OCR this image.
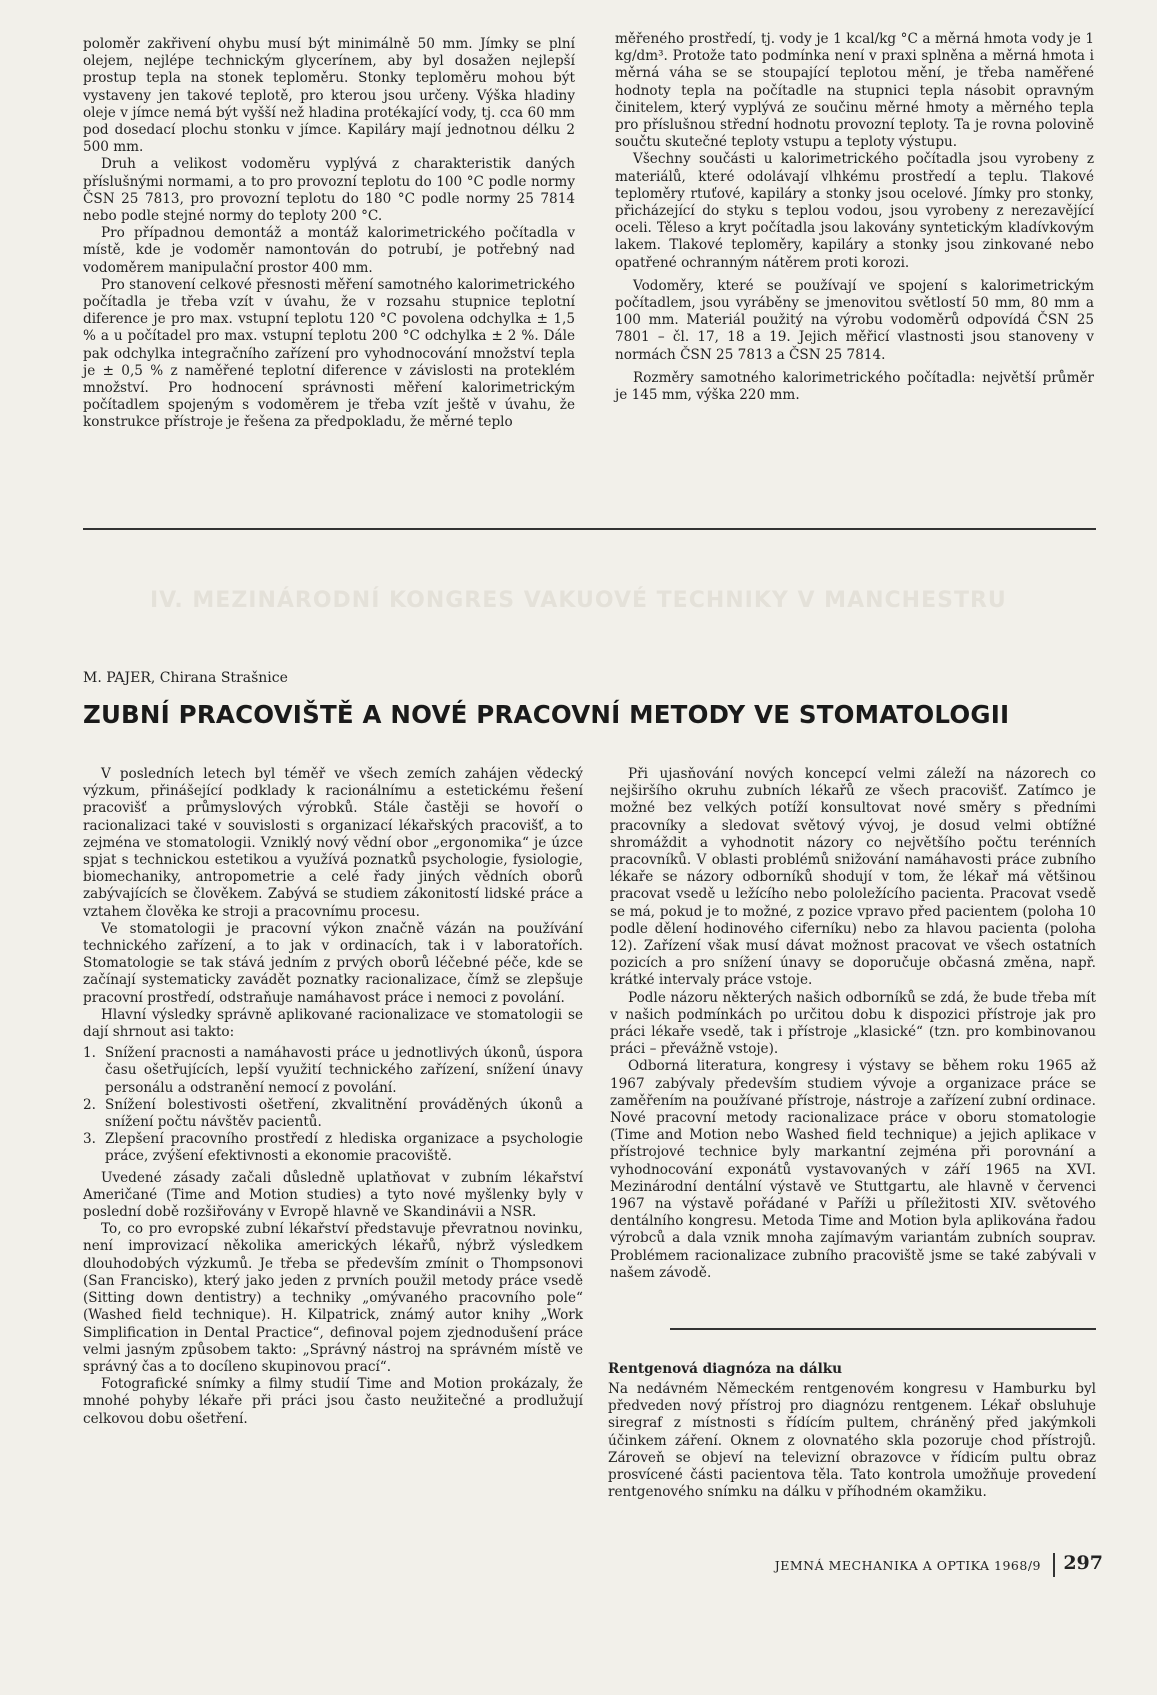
poloměr zakřivení ohybu musí být minimálně 50 mm. Jímky se plní olejem, nejlépe technickým glycerínem, aby byl dosažen nejlepší prostup tepla na stonek teploměru. Stonky teploměru mohou být vystaveny jen takové teplotě, pro kterou jsou určeny. Výška hladiny oleje v jímce nemá být vyšší než hladina protékající vody, tj. cca 60 mm pod dosedací plochu stonku v jímce. Kapiláry mají jednotnou délku 2 500 mm.

Druh a velikost vodoměru vyplývá z charakteristik daných příslušnými normami, a to pro provozní teplotu do 100 °C podle normy ČSN 25 7813, pro provozní teplotu do 180 °C podle normy 25 7814 nebo podle stejné normy do teploty 200 °C.

Pro případnou demontáž a montáž kalorimetrického počítadla v místě, kde je vodoměr namontován do potrubí, je potřebný nad vodoměrem manipulační prostor 400 mm.

Pro stanovení celkové přesnosti měření samotného kalorimetrického počítadla je třeba vzít v úvahu, že v rozsahu stupnice teplotní diference je pro max. vstupní teplotu 120 °C povolena odchylka ± 1,5 % a u počítadel pro max. vstupní teplotu 200 °C odchylka ± 2 %. Dále pak odchylka integračního zařízení pro vyhodnocování množství tepla je ± 0,5 % z naměřené teplotní diference v závislosti na proteklém množství. Pro hodnocení správnosti měření kalorimetrickým počítadlem spojeným s vodoměrem je třeba vzít ještě v úvahu, že konstrukce přístroje je řešena za předpokladu, že měrné teplo

měřeného prostředí, tj. vody je 1 kcal/kg °C a měrná hmota vody je 1 kg/dm³. Protože tato podmínka není v praxi splněna a měrná hmota i měrná váha se se stoupající teplotou mění, je třeba naměřené hodnoty tepla na počítadle na stupnici tepla násobit opravným činitelem, který vyplývá ze součinu měrné hmoty a měrného tepla pro příslušnou střední hodnotu provozní teploty. Ta je rovna polovině součtu skutečné teploty vstupu a teploty výstupu.

Všechny součásti u kalorimetrického počítadla jsou vyrobeny z materiálů, které odolávají vlhkému prostředí a teplu. Tlakové teploměry rtuťové, kapiláry a stonky jsou ocelové. Jímky pro stonky, přicházející do styku s teplou vodou, jsou vyrobeny z nerezavějící oceli. Těleso a kryt počítadla jsou lakovány syntetickým kladívkovým lakem. Tlakové teploměry, kapiláry a stonky jsou zinkované nebo opatřené ochranným nátěrem proti korozi.

Vodoměry, které se používají ve spojení s kalorimetrickým počítadlem, jsou vyráběny se jmenovitou světlostí 50 mm, 80 mm a 100 mm. Materiál použitý na výrobu vodoměrů odpovídá ČSN 25 7801 – čl. 17, 18 a 19. Jejich měřicí vlastnosti jsou stanoveny v normách ČSN 25 7813 a ČSN 25 7814.

Rozměry samotného kalorimetrického počítadla: největší průměr je 145 mm, výška 220 mm.

IV. MEZINÁRODNÍ KONGRES VAKUOVÉ TECHNIKY V MANCHESTRU
M. PAJER, Chirana Strašnice
ZUBNÍ PRACOVIŠTĚ A NOVÉ PRACOVNÍ METODY VE STOMATOLOGII

V posledních letech byl téměř ve všech zemích zahájen vědecký výzkum, přinášející podklady k racionálnímu a estetickému řešení pracovišť a průmyslových výrobků. Stále častěji se hovoří o racionalizaci také v souvislosti s organizací lékařských pracovišť, a to zejména ve stomatologii. Vzniklý nový vědní obor „ergonomika“ je úzce spjat s technickou estetikou a využívá poznatků psychologie, fysiologie, biomechaniky, antropometrie a celé řady jiných vědních oborů zabývajících se člověkem. Zabývá se studiem zákonitostí lidské práce a vztahem člověka ke stroji a pracovnímu procesu.

Ve stomatologii je pracovní výkon značně vázán na používání technického zařízení, a to jak v ordinacích, tak i v laboratořích. Stomatologie se tak stává jedním z prvých oborů léčebné péče, kde se začínají systematicky zavádět poznatky racionalizace, čímž se zlepšuje pracovní prostředí, odstraňuje namáhavost práce i nemoci z povolání.

Hlavní výsledky správně aplikované racionalizace ve stomatologii se dají shrnout asi takto:

1. Snížení pracnosti a namáhavosti práce u jednotlivých úkonů, úspora času ošetřujících, lepší využití technického zařízení, snížení únavy personálu a odstranění nemocí z povolání.
2. Snížení bolestivosti ošetření, zkvalitnění prováděných úkonů a snížení počtu návštěv pacientů.
3. Zlepšení pracovního prostředí z hlediska organizace a psychologie práce, zvýšení efektivnosti a ekonomie pracoviště.

Uvedené zásady začali důsledně uplatňovat v zubním lékařství Američané (Time and Motion studies) a tyto nové myšlenky byly v poslední době rozšiřovány v Evropě hlavně ve Skandinávii a NSR.

To, co pro evropské zubní lékařství představuje převratnou novinku, není improvizací několika amerických lékařů, nýbrž výsledkem dlouhodobých výzkumů. Je třeba se především zmínit o Thompsonovi (San Francisko), který jako jeden z prvních použil metody práce vsedě (Sitting down dentistry) a techniky „omývaného pracovního pole“ (Washed field technique). H. Kilpatrick, známý autor knihy „Work Simplification in Dental Practice“, definoval pojem zjednodušení práce velmi jasným způsobem takto: „Správný nástroj na správném místě ve správný čas a to docíleno skupinovou prací“.

Fotografické snímky a filmy studií Time and Motion prokázaly, že mnohé pohyby lékaře při práci jsou často neužitečné a prodlužují celkovou dobu ošetření.

Při ujasňování nových koncepcí velmi záleží na názorech co nejširšího okruhu zubních lékařů ze všech pracovišť. Zatímco je možné bez velkých potíží konsultovat nové směry s předními pracovníky a sledovat světový vývoj, je dosud velmi obtížné shromáždit a vyhodnotit názory co největšího počtu terénních pracovníků. V oblasti problémů snižování namáhavosti práce zubního lékaře se názory odborníků shodují v tom, že lékař má většinou pracovat vsedě u ležícího nebo pololežícího pacienta. Pracovat vsedě se má, pokud je to možné, z pozice vpravo před pacientem (poloha 10 podle dělení hodinového ciferníku) nebo za hlavou pacienta (poloha 12). Zařízení však musí dávat možnost pracovat ve všech ostatních pozicích a pro snížení únavy se doporučuje občasná změna, např. krátké intervaly práce vstoje.

Podle názoru některých našich odborníků se zdá, že bude třeba mít v našich podmínkách po určitou dobu k dispozici přístroje jak pro práci lékaře vsedě, tak i přístroje „klasické“ (tzn. pro kombinovanou práci – převážně vstoje).

Odborná literatura, kongresy i výstavy se během roku 1965 až 1967 zabývaly především studiem vývoje a organizace práce se zaměřením na používané přístroje, nástroje a zařízení zubní ordinace. Nové pracovní metody racionalizace práce v oboru stomatologie (Time and Motion nebo Washed field technique) a jejich aplikace v přístrojové technice byly markantní zejména při porovnání a vyhodnocování exponátů vystavovaných v září 1965 na XVI. Mezinárodní dentální výstavě ve Stuttgartu, ale hlavně v červenci 1967 na výstavě pořádané v Paříži u příležitosti XIV. světového dentálního kongresu. Metoda Time and Motion byla aplikována řadou výrobců a dala vznik mnoha zajímavým variantám zubních souprav. Problémem racionalizace zubního pracoviště jsme se také zabývali v našem závodě.

Rentgenová diagnóza na dálku

Na nedávném Německém rentgenovém kongresu v Hamburku byl předveden nový přístroj pro diagnózu rentgenem. Lékař obsluhuje siregraf z místnosti s řídícím pultem, chráněný před jakýmkoli účinkem záření. Oknem z olovnatého skla pozoruje chod přístrojů. Zároveň se objeví na televizní obrazovce v řídicím pultu obraz prosvícené části pacientova těla. Tato kontrola umožňuje provedení rentgenového snímku na dálku v příhodném okamžiku.

JEMNÁ MECHANIKA A OPTIKA 1968/9 297
